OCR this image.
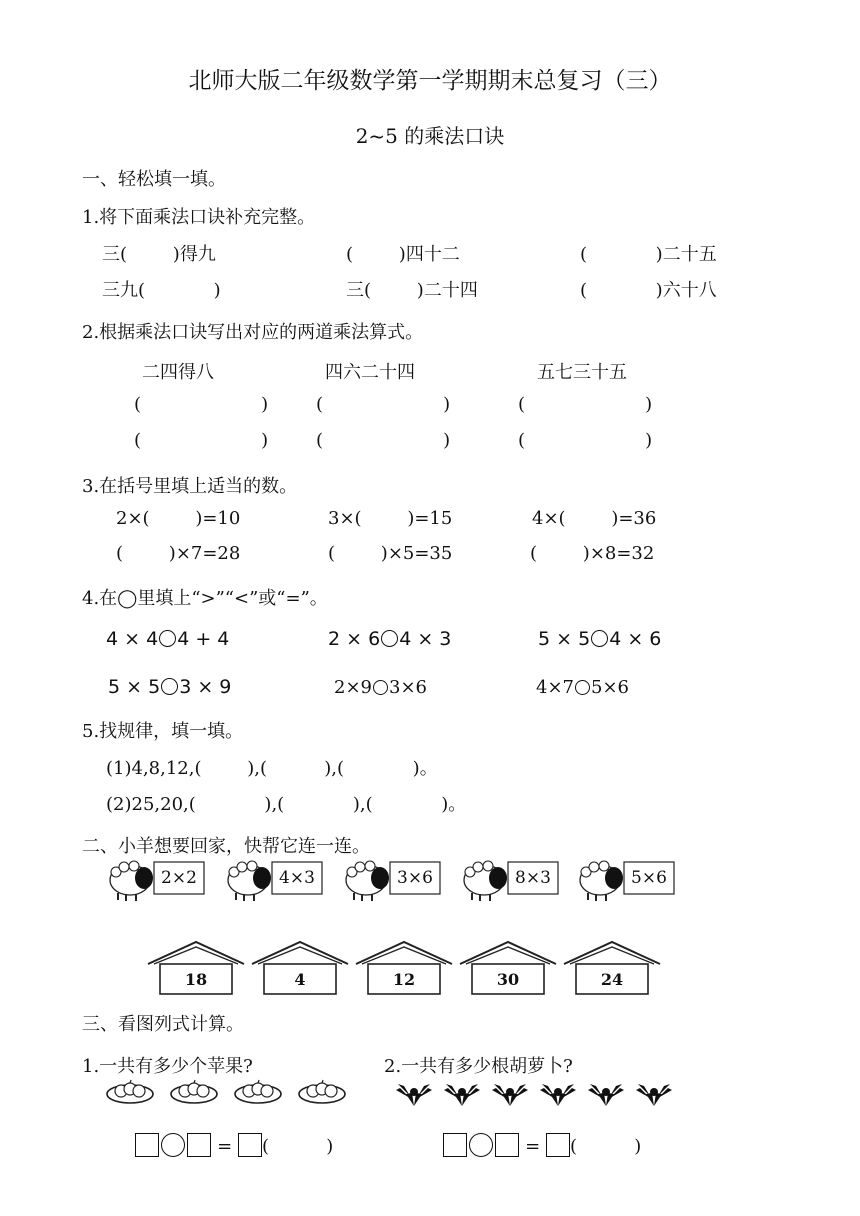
北师大版二年级数学第一学期期末总复习（三）
2~5 的乘法口诀
一、轻松填一填。
1.将下面乘法口诀补充完整。
三(        )得九	(        )四十二	(            )二十五
三九(            )	三(        )二十四	(            )六十八
2.根据乘法口诀写出对应的两道乘法算式。
二四得八	四六二十四	五七三十五
(                     )	(                     )	(                     )
(                     )	(                     )	(                     )
3.在括号里填上适当的数。
2×(        )=10	3×(        )=15	4×(        )=36
(        )×7=28	(        )×5=35	(        )×8=32
4.在◯里填上“>”“<”或“=”。
4 × 4 4 + 4	2 × 6 4 × 3	5 × 5 4 × 6
5 × 5 3 × 9	2×9 3×6	4×7 5×6
5.找规律，填一填。
(1)4,8,12,(        ),(          ),(            )。
(2)25,20,(            ),(            ),(            )。
二、小羊想要回家，快帮它连一连。
2×2	4×3	3×6	8×3	5×6
18	4	12	30	24
三、看图列式计算。
1.一共有多少个苹果?	2.一共有多少根胡萝卜?

= (          )	= (          )
